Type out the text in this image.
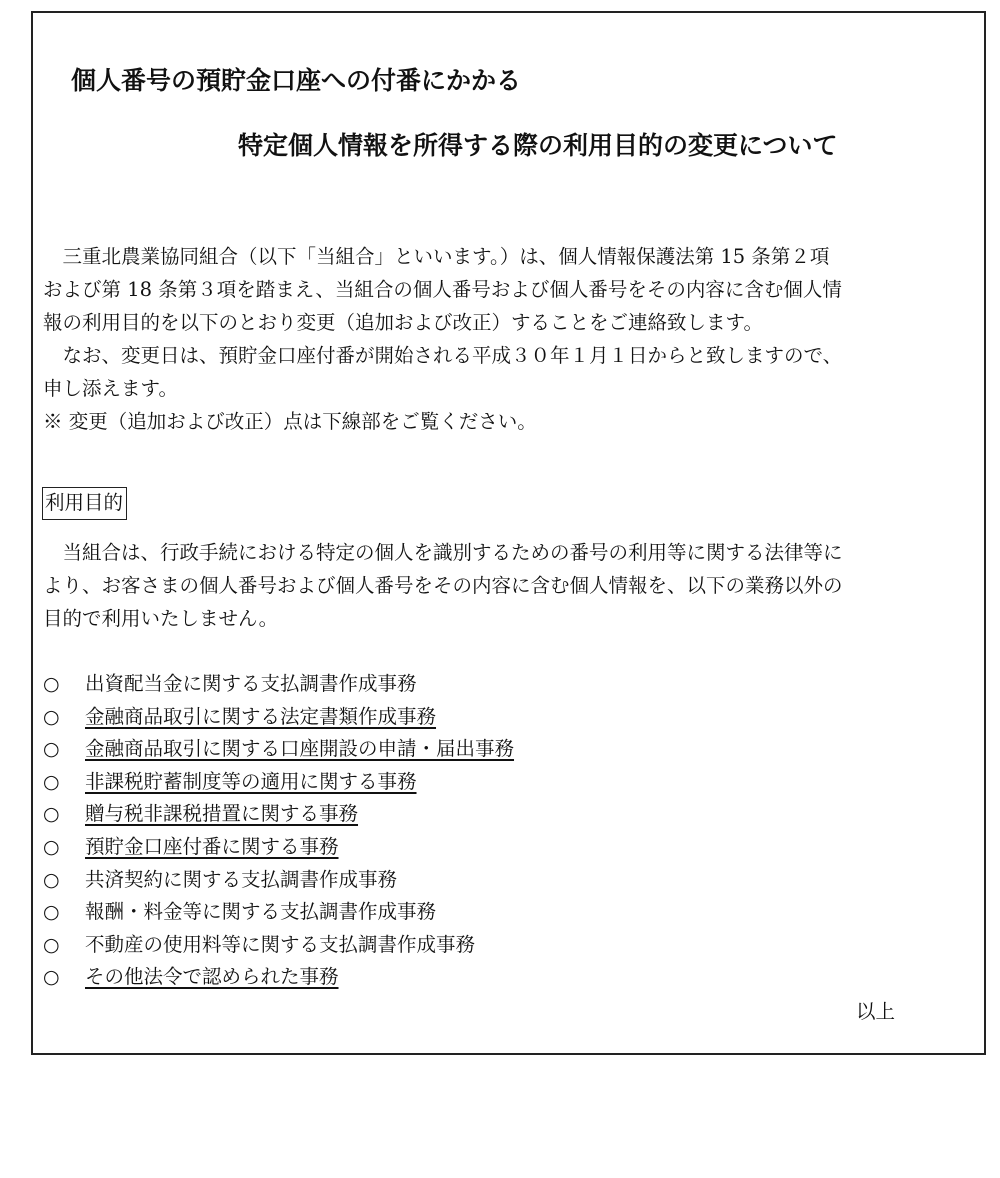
個人番号の預貯金口座への付番にかかる
特定個人情報を所得する際の利用目的の変更について
　三重北農業協同組合（以下「当組合」といいます。）は、個人情報保護法第 15 条第２項
および第 18 条第３項を踏まえ、当組合の個人番号および個人番号をその内容に含む個人情
報の利用目的を以下のとおり変更（追加および改正）することをご連絡致します。
　なお、変更日は、預貯金口座付番が開始される平成３０年１月１日からと致しますので、
申し添えます。
※ 変更（追加および改正）点は下線部をご覧ください。
利用目的
　当組合は、行政手続における特定の個人を識別するための番号の利用等に関する法律等に
より、お客さまの個人番号および個人番号をその内容に含む個人情報を、以下の業務以外の
目的で利用いたしません。
○	出資配当金に関する支払調書作成事務
○	金融商品取引に関する法定書類作成事務
○	金融商品取引に関する口座開設の申請・届出事務
○	非課税貯蓄制度等の適用に関する事務
○	贈与税非課税措置に関する事務
○	預貯金口座付番に関する事務
○	共済契約に関する支払調書作成事務
○	報酬・料金等に関する支払調書作成事務
○	不動産の使用料等に関する支払調書作成事務
○	その他法令で認められた事務
以上
